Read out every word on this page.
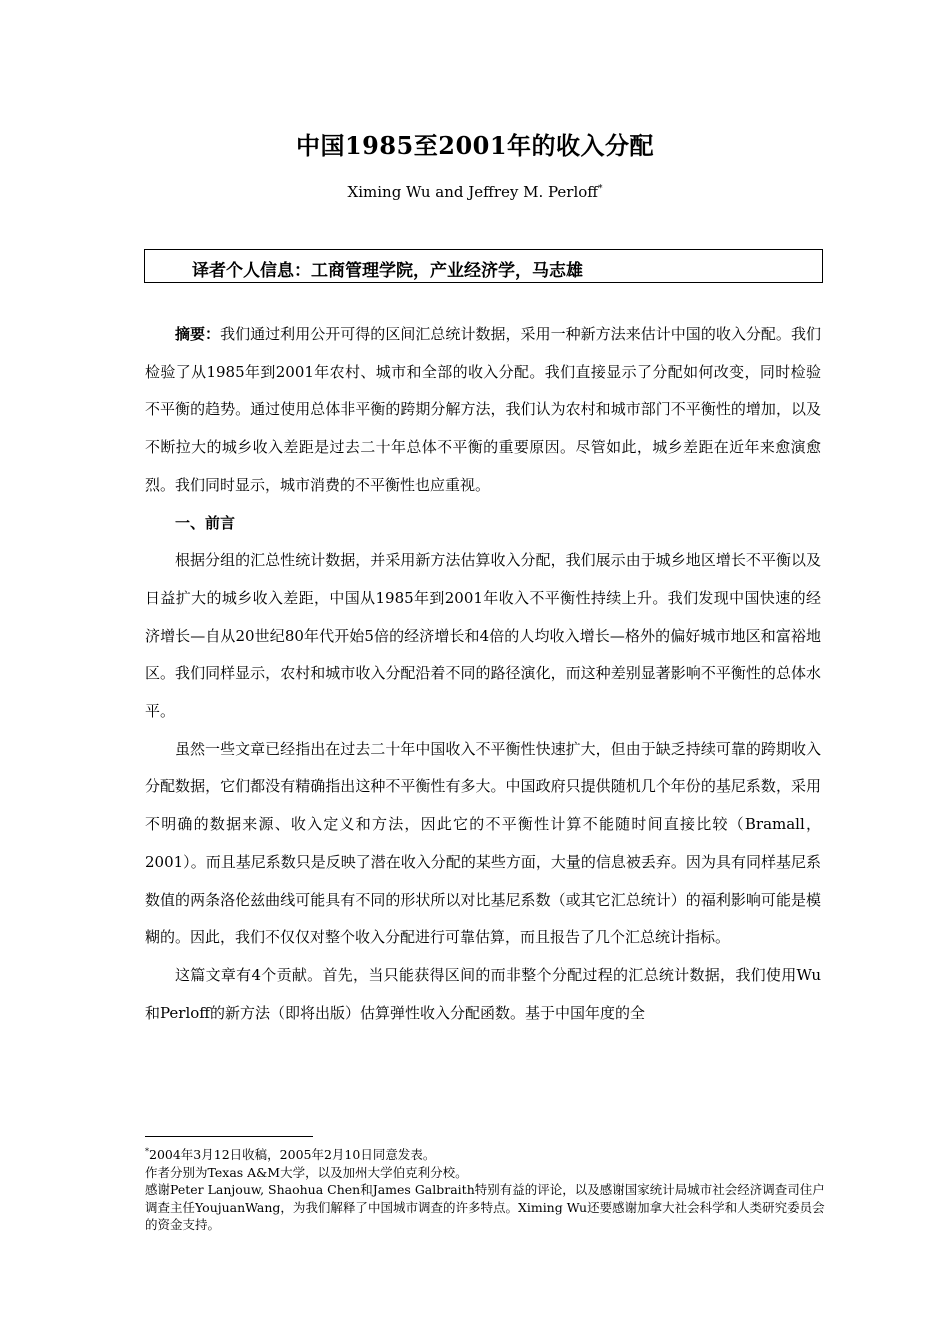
中国1985至2001年的收入分配
Ximing Wu and Jeffrey M. Perloff*
译者个人信息：工商管理学院，产业经济学，马志雄

摘要：我们通过利用公开可得的区间汇总统计数据，采用一种新方法来估计中国的收入分配。我们检验了从1985年到2001年农村、城市和全部的收入分配。我们直接显示了分配如何改变，同时检验不平衡的趋势。通过使用总体非平衡的跨期分解方法，我们认为农村和城市部门不平衡性的增加，以及不断拉大的城乡收入差距是过去二十年总体不平衡的重要原因。尽管如此，城乡差距在近年来愈演愈烈。我们同时显示，城市消费的不平衡性也应重视。

一、前言

根据分组的汇总性统计数据，并采用新方法估算收入分配，我们展示由于城乡地区增长不平衡以及日益扩大的城乡收入差距，中国从1985年到2001年收入不平衡性持续上升。我们发现中国快速的经济增长—自从20世纪80年代开始5倍的经济增长和4倍的人均收入增长—格外的偏好城市地区和富裕地区。我们同样显示，农村和城市收入分配沿着不同的路径演化，而这种差别显著影响不平衡性的总体水平。

虽然一些文章已经指出在过去二十年中国收入不平衡性快速扩大，但由于缺乏持续可靠的跨期收入分配数据，它们都没有精确指出这种不平衡性有多大。中国政府只提供随机几个年份的基尼系数，采用不明确的数据来源、收入定义和方法，因此它的不平衡性计算不能随时间直接比较（Bramall，2001）。而且基尼系数只是反映了潜在收入分配的某些方面，大量的信息被丢弃。因为具有同样基尼系数值的两条洛伦兹曲线可能具有不同的形状所以对比基尼系数（或其它汇总统计）的福利影响可能是模糊的。因此，我们不仅仅对整个收入分配进行可靠估算，而且报告了几个汇总统计指标。

这篇文章有4个贡献。首先，当只能获得区间的而非整个分配过程的汇总统计数据，我们使用Wu和Perloff的新方法（即将出版）估算弹性收入分配函数。基于中国年度的全

*2004年3月12日收稿，2005年2月10日同意发表。

作者分别为Texas A&M大学，以及加州大学伯克利分校。

感谢Peter Lanjouw, Shaohua Chen和James Galbraith特别有益的评论，以及感谢国家统计局城市社会经济调查司住户调查主任YoujuanWang，为我们解释了中国城市调查的许多特点。Ximing Wu还要感谢加拿大社会科学和人类研究委员会的资金支持。
